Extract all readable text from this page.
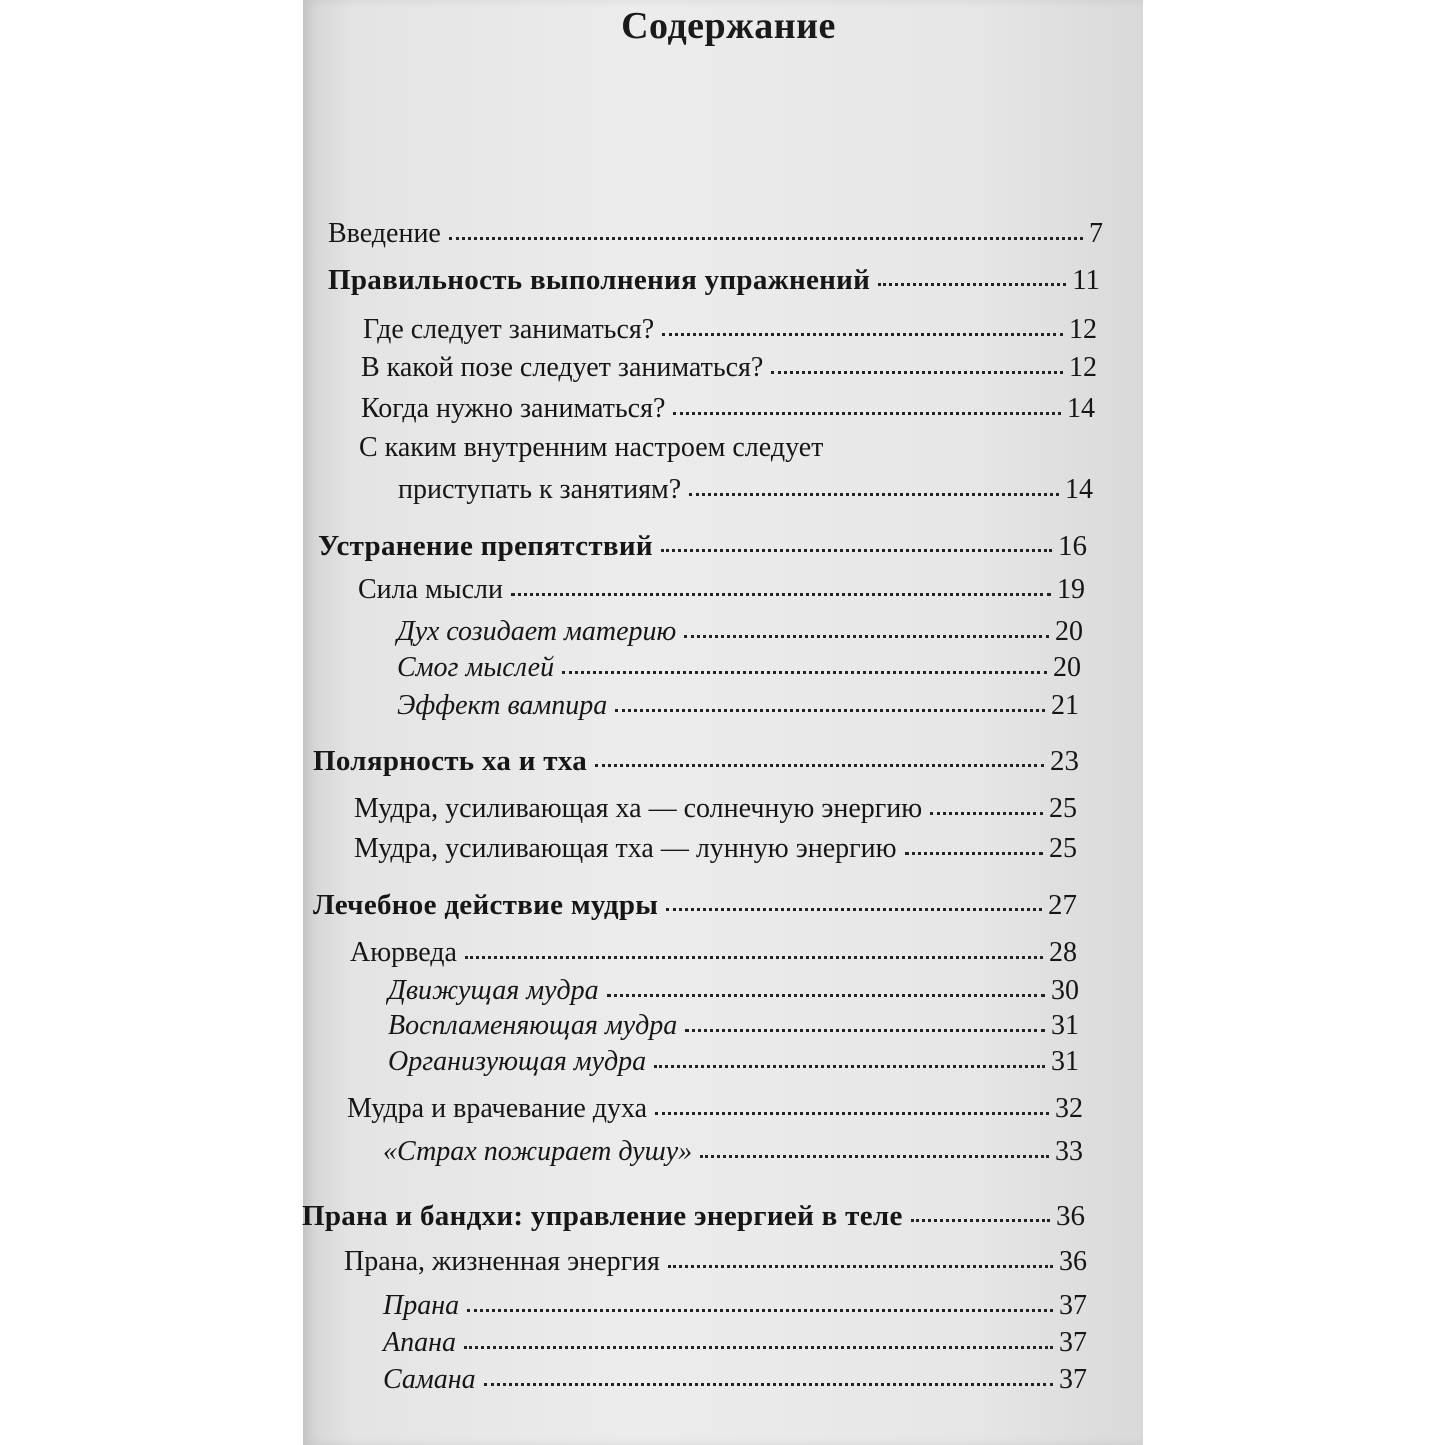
Содержание
Введение	7
Правильность выполнения упражнений	11
Где следует заниматься?	12
В какой позе следует заниматься?	12
Когда нужно заниматься?	14
С каким внутренним настроем следует
приступать к занятиям?	14
Устранение препятствий	16
Сила мысли	19
Дух созидает материю	20
Смог мыслей	20
Эффект вампира	21
Полярность ха и тха	23
Мудра, усиливающая ха — солнечную энергию	25
Мудра, усиливающая тха — лунную энергию	25
Лечебное действие мудры	27
Аюрведа	28
Движущая мудра	30
Воспламеняющая мудра	31
Организующая мудра	31
Мудра и врачевание духа	32
«Страх пожирает душу»	33
Прана и бандхи: управление энергией в теле	36
Прана, жизненная энергия	36
Прана	37
Апана	37
Самана	37
